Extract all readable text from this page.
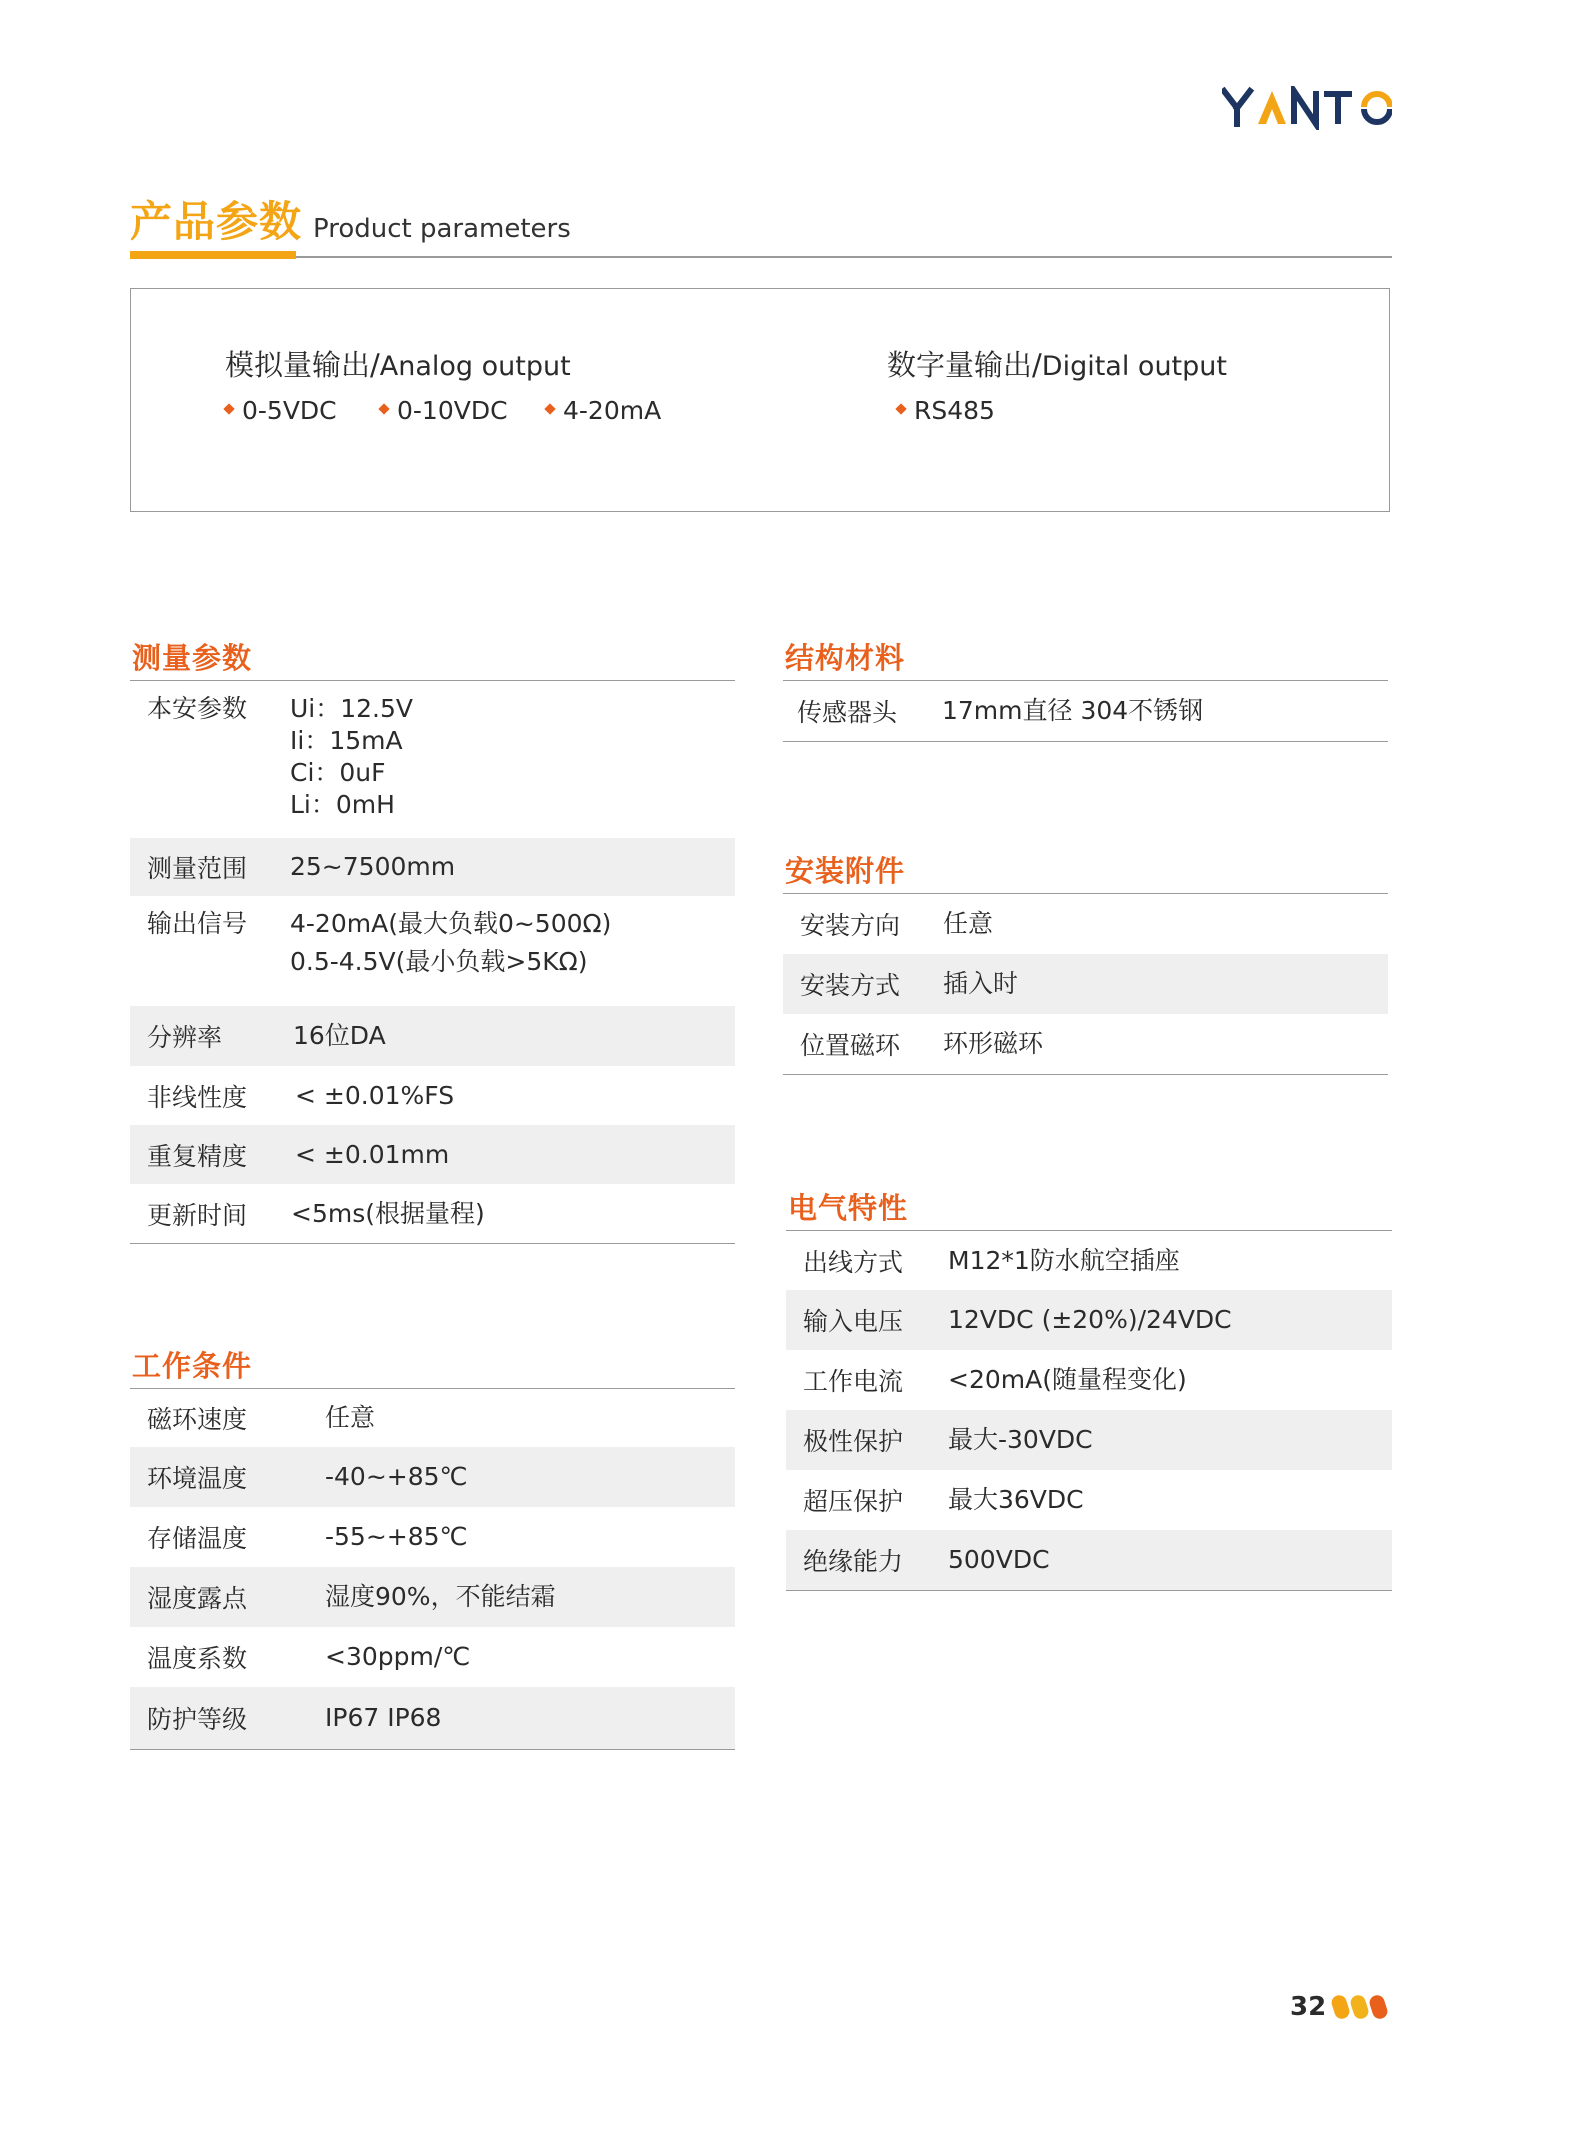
产品参数 Product parameters
模拟量输出/Analog output
0-5VDC	0-10VDC	4-20mA
数字量输出/Digital output
RS485
测量参数
本安参数	Ui：12.5V
Ii：15mA
Ci：0uF
Li：0mH
测量范围	25~7500mm
输出信号	4-20mA(最大负载0~500Ω)
0.5-4.5V(最小负载>5KΩ)
分辨率	16位DA
非线性度	< ±0.01%FS
重复精度	< ±0.01mm
更新时间	<5ms(根据量程)
工作条件
磁环速度	任意
环境温度	-40~+85℃
存储温度	-55~+85℃
湿度露点	湿度90%，不能结霜
温度系数	<30ppm/℃
防护等级	IP67 IP68
结构材料
传感器头	17mm直径 304不锈钢
安装附件
安装方向	任意
安装方式	插入时
位置磁环	环形磁环
电气特性
出线方式	M12*1防水航空插座
输入电压	12VDC (±20%)/24VDC
工作电流	<20mA(随量程变化)
极性保护	最大-30VDC
超压保护	最大36VDC
绝缘能力	500VDC
32
